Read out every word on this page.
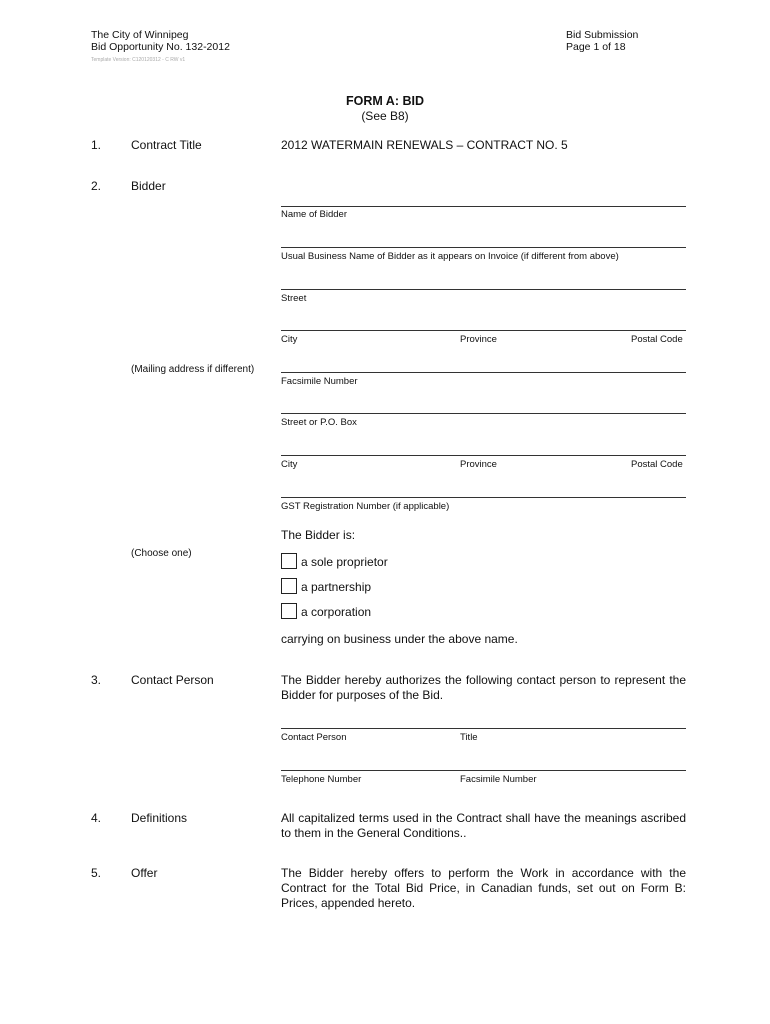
The City of Winnipeg
Bid Opportunity No. 132-2012
Bid Submission
Page 1 of 18
Template Version: C120120312 - C RW v1
FORM A: BID
(See B8)
1. Contract Title	2012 WATERMAIN RENEWALS – CONTRACT NO. 5
2. Bidder
Name of Bidder
Usual Business Name of Bidder as it appears on Invoice (if different from above)
Street
City	Province	Postal Code
(Mailing address if different)
Facsimile Number
Street or P.O. Box
City	Province	Postal Code
GST Registration Number (if applicable)
The Bidder is:
(Choose one)
a sole proprietor
a partnership
a corporation
carrying on business under the above name.
3. Contact Person	The Bidder hereby authorizes the following contact person to represent the Bidder for purposes of the Bid.
Contact Person	Title
Telephone Number	Facsimile Number
4. Definitions	All capitalized terms used in the Contract shall have the meanings ascribed to them in the General Conditions..
5. Offer	The Bidder hereby offers to perform the Work in accordance with the Contract for the Total Bid Price, in Canadian funds, set out on Form B: Prices, appended hereto.
